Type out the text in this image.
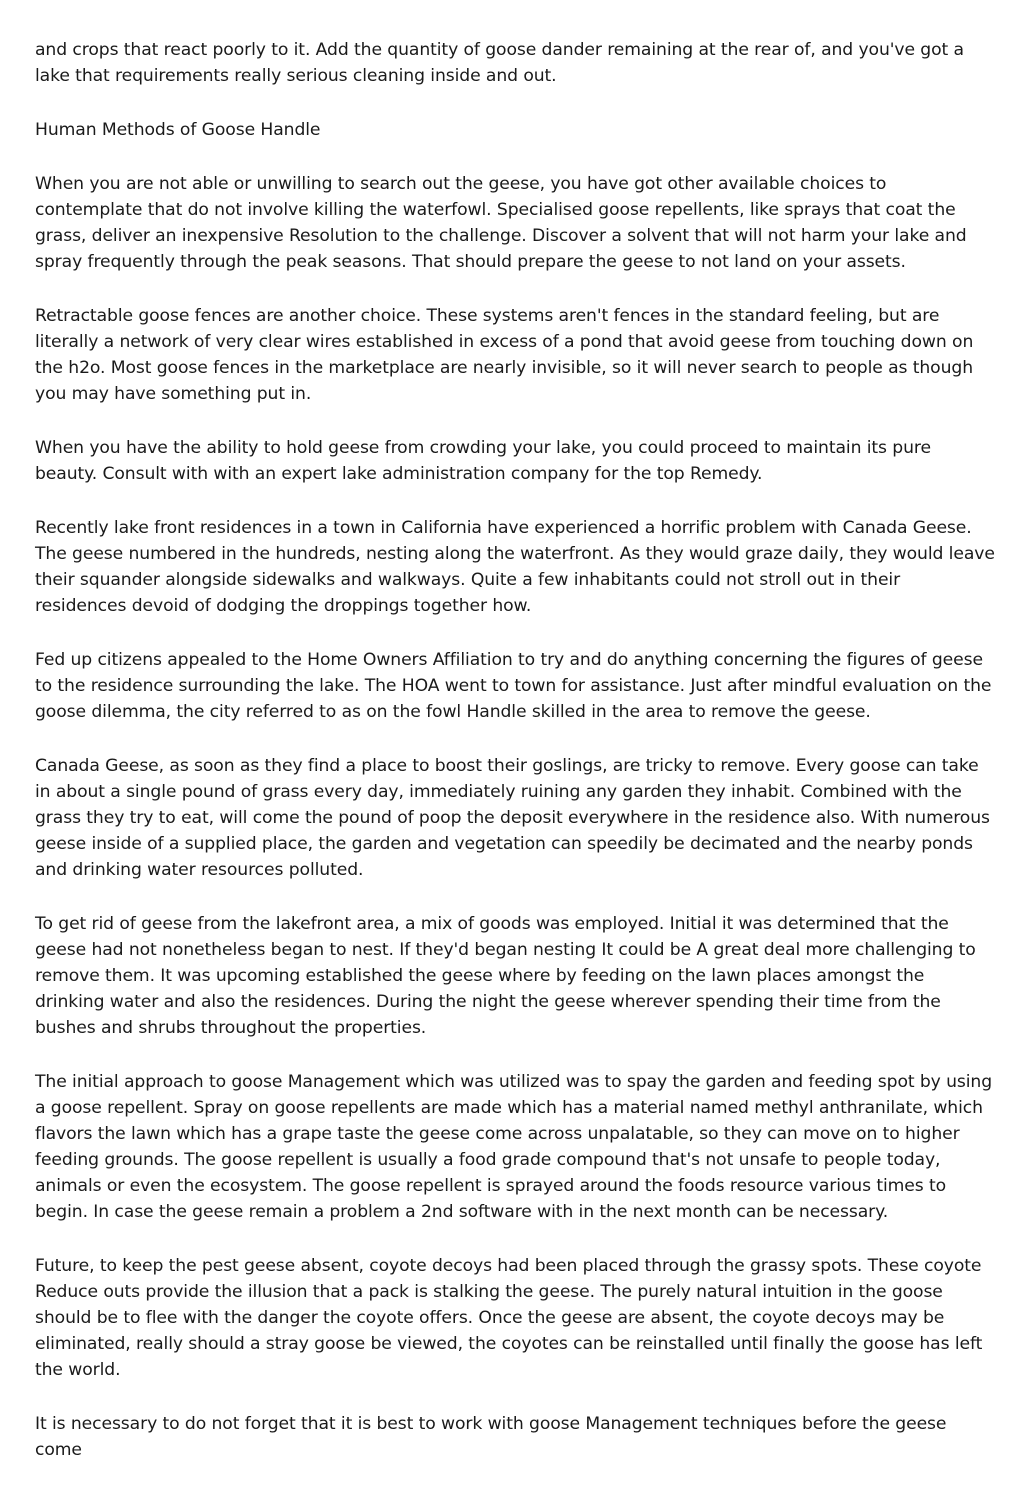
and crops that react poorly to it. Add the quantity of goose dander remaining at the rear of, and you've got a lake that requirements really serious cleaning inside and out.

Human Methods of Goose Handle

When you are not able or unwilling to search out the geese, you have got other available choices to contemplate that do not involve killing the waterfowl. Specialised goose repellents, like sprays that coat the grass, deliver an inexpensive Resolution to the challenge. Discover a solvent that will not harm your lake and spray frequently through the peak seasons. That should prepare the geese to not land on your assets.

Retractable goose fences are another choice. These systems aren't fences in the standard feeling, but are literally a network of very clear wires established in excess of a pond that avoid geese from touching down on the h2o. Most goose fences in the marketplace are nearly invisible, so it will never search to people as though you may have something put in.

When you have the ability to hold geese from crowding your lake, you could proceed to maintain its pure beauty. Consult with with an expert lake administration company for the top Remedy.

Recently lake front residences in a town in California have experienced a horrific problem with Canada Geese. The geese numbered in the hundreds, nesting along the waterfront. As they would graze daily, they would leave their squander alongside sidewalks and walkways. Quite a few inhabitants could not stroll out in their residences devoid of dodging the droppings together how.

Fed up citizens appealed to the Home Owners Affiliation to try and do anything concerning the figures of geese to the residence surrounding the lake. The HOA went to town for assistance. Just after mindful evaluation on the goose dilemma, the city referred to as on the fowl Handle skilled in the area to remove the geese.

Canada Geese, as soon as they find a place to boost their goslings, are tricky to remove. Every goose can take in about a single pound of grass every day, immediately ruining any garden they inhabit. Combined with the grass they try to eat, will come the pound of poop the deposit everywhere in the residence also. With numerous geese inside of a supplied place, the garden and vegetation can speedily be decimated and the nearby ponds and drinking water resources polluted.

To get rid of geese from the lakefront area, a mix of goods was employed. Initial it was determined that the geese had not nonetheless began to nest. If they'd began nesting It could be A great deal more challenging to remove them. It was upcoming established the geese where by feeding on the lawn places amongst the drinking water and also the residences. During the night the geese wherever spending their time from the bushes and shrubs throughout the properties.

The initial approach to goose Management which was utilized was to spay the garden and feeding spot by using a goose repellent. Spray on goose repellents are made which has a material named methyl anthranilate, which flavors the lawn which has a grape taste the geese come across unpalatable, so they can move on to higher feeding grounds. The goose repellent is usually a food grade compound that's not unsafe to people today, animals or even the ecosystem. The goose repellent is sprayed around the foods resource various times to begin. In case the geese remain a problem a 2nd software with in the next month can be necessary.

Future, to keep the pest geese absent, coyote decoys had been placed through the grassy spots. These coyote Reduce outs provide the illusion that a pack is stalking the geese. The purely natural intuition in the goose should be to flee with the danger the coyote offers. Once the geese are absent, the coyote decoys may be eliminated, really should a stray goose be viewed, the coyotes can be reinstalled until finally the goose has left the world.

It is necessary to do not forget that it is best to work with goose Management techniques before the geese come
